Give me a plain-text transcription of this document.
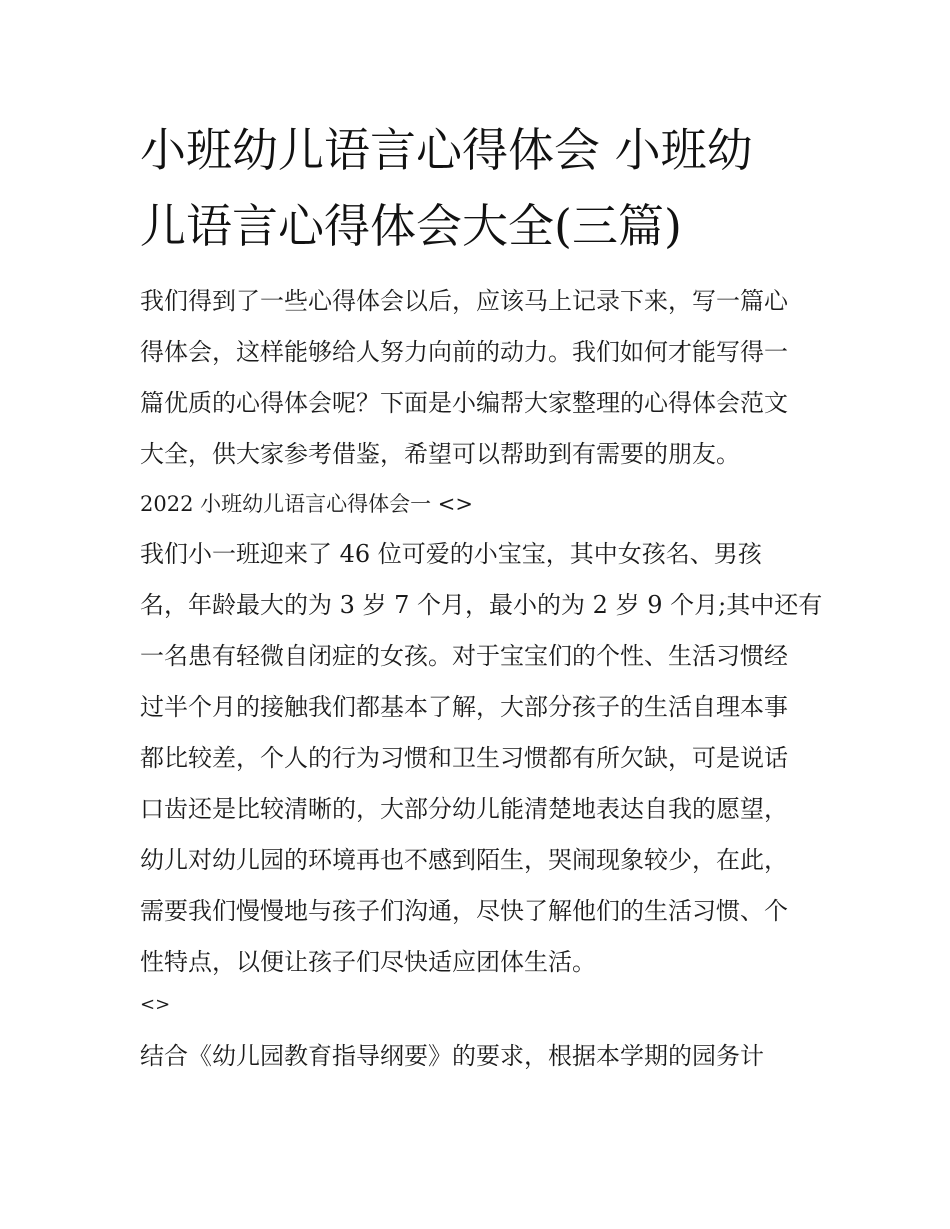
小班幼儿语言心得体会 小班幼
儿语言心得体会大全(三篇)

我们得到了一些心得体会以后，应该马上记录下来，写一篇心

得体会，这样能够给人努力向前的动力。我们如何才能写得一

篇优质的心得体会呢？下面是小编帮大家整理的心得体会范文

大全，供大家参考借鉴，希望可以帮助到有需要的朋友。

2022 小班幼儿语言心得体会一 <>

我们小一班迎来了 46 位可爱的小宝宝，其中女孩名、男孩

名，年龄最大的为 3 岁 7 个月，最小的为 2 岁 9 个月;其中还有

一名患有轻微自闭症的女孩。对于宝宝们的个性、生活习惯经

过半个月的接触我们都基本了解，大部分孩子的生活自理本事

都比较差，个人的行为习惯和卫生习惯都有所欠缺，可是说话

口齿还是比较清晰的，大部分幼儿能清楚地表达自我的愿望，

幼儿对幼儿园的环境再也不感到陌生，哭闹现象较少，在此，

需要我们慢慢地与孩子们沟通，尽快了解他们的生活习惯、个

性特点，以便让孩子们尽快适应团体生活。

<>

结合《幼儿园教育指导纲要》的要求，根据本学期的园务计
